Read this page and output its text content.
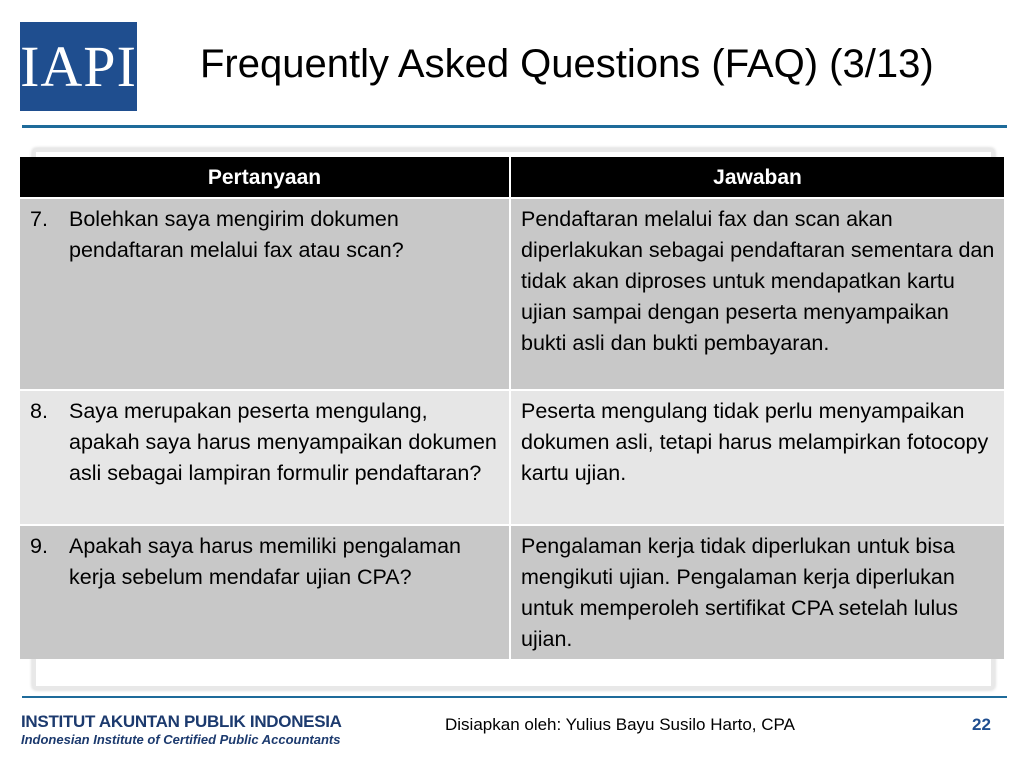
IAPI Frequently Asked Questions (FAQ) (3/13)
Pertanyaan	Jawaban

7. Bolehkan saya mengirim dokumen pendaftaran melalui fax atau scan?	Pendaftaran melalui fax dan scan akan diperlakukan sebagai pendaftaran sementara dan tidak akan diproses untuk mendapatkan kartu ujian sampai dengan peserta menyampaikan bukti asli dan bukti pembayaran.

8. Saya merupakan peserta mengulang, apakah saya harus menyampaikan dokumen asli sebagai lampiran formulir pendaftaran?	Peserta mengulang tidak perlu menyampaikan dokumen asli, tetapi harus melampirkan fotocopy kartu ujian.

9. Apakah saya harus memiliki pengalaman kerja sebelum mendafar ujian CPA?	Pengalaman kerja tidak diperlukan untuk bisa mengikuti ujian. Pengalaman kerja diperlukan untuk memperoleh sertifikat CPA setelah lulus ujian.
INSTITUT AKUNTAN PUBLIK INDONESIA
Indonesian Institute of Certified Public Accountants
Disiapkan oleh: Yulius Bayu Susilo Harto, CPA	22
